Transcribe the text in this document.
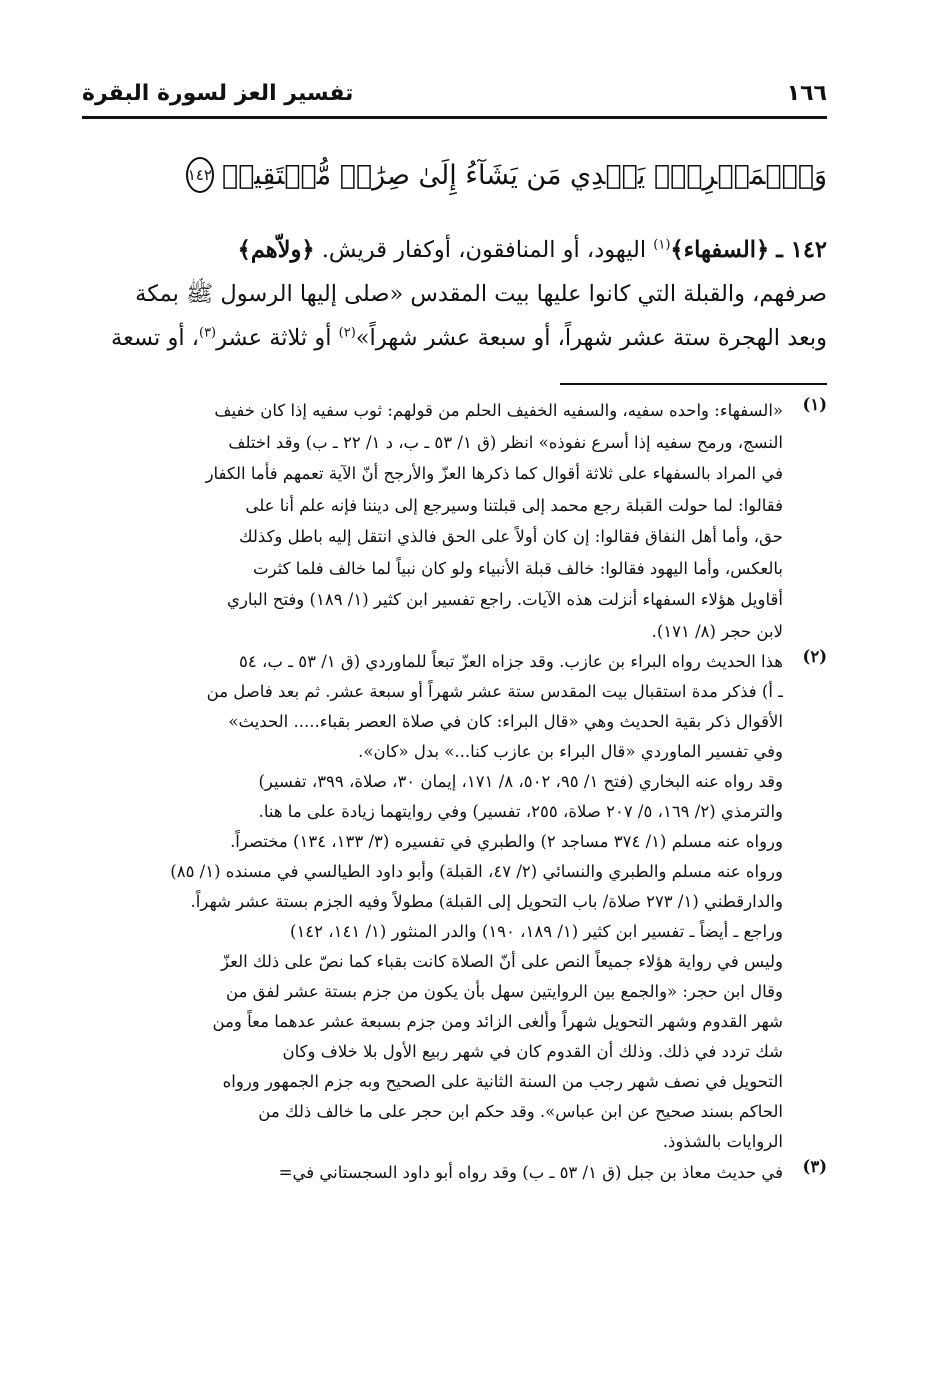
١٦٦
تفسير العز لسورة البقرة
وَٱلۡمَغۡرِبُۚ يَهۡدِي مَن يَشَآءُ إِلَىٰ صِرَٰطٖ مُّسۡتَقِيمٖ
١٤٢
١٤٢ ـ ﴿السفهاء﴾$^{(١)}$ اليهود، أو المنافقون، أوكفار قريش. ﴿ولاّهم﴾
صرفهم، والقبلة التي كانوا عليها بيت المقدس «صلى إليها الرسول ﷺ بمكة
وبعد الهجرة ستة عشر شهراً، أو سبعة عشر شهراً»$^{(٢)}$ أو ثلاثة عشر$^{(٣)}$، أو تسعة
(١)
«السفهاء: واحده سفيه، والسفيه الخفيف الحلم من قولهم: ثوب سفيه إذا كان خفيف
النسج، ورمح سفيه إذا أسرع نفوذه» انظر (ق ١/ ٥٣ ـ ب، د ١/ ٢٢ ـ ب) وقد اختلف
في المراد بالسفهاء على ثلاثة أقوال كما ذكرها العزّ والأرجح أنّ الآية تعمهم فأما الكفار
فقالوا: لما حولت القبلة رجع محمد إلى قبلتنا وسيرجع إلى ديننا فإنه علم أنا على
حق، وأما أهل النفاق فقالوا: إن كان أولاً على الحق فالذي انتقل إليه باطل وكذلك
بالعكس، وأما اليهود فقالوا: خالف قبلة الأنبياء ولو كان نبياً لما خالف فلما كثرت
أقاويل هؤلاء السفهاء أنزلت هذه الآيات. راجع تفسير ابن كثير (١/ ١٨٩) وفتح الباري
لابن حجر (٨/ ١٧١).
(٢)
هذا الحديث رواه البراء بن عازب. وقد جزاه العزّ تبعاً للماوردي (ق ١/ ٥٣ ـ ب، ٥٤
ـ أ) فذكر مدة استقبال بيت المقدس ستة عشر شهراً أو سبعة عشر. ثم بعد فاصل من
الأقوال ذكر بقية الحديث وهي «قال البراء: كان في صلاة العصر بقباء..... الحديث»
وفي تفسير الماوردي «قال البراء بن عازب كنا...» بدل «كان».
وقد رواه عنه البخاري (فتح ١/ ٩٥، ٥٠٢، ٨/ ١٧١، إيمان ٣٠، صلاة، ٣٩٩، تفسير)
والترمذي (٢/ ١٦٩، ٥/ ٢٠٧ صلاة، ٢٥٥، تفسير) وفي روايتهما زيادة على ما هنا.
ورواه عنه مسلم (١/ ٣٧٤ مساجد ٢) والطبري في تفسيره (٣/ ١٣٣، ١٣٤) مختصراً.
ورواه عنه مسلم والطبري والنسائي (٢/ ٤٧، القبلة) وأبو داود الطيالسي في مسنده (١/ ٨٥)
والدارقطني (١/ ٢٧٣ صلاة/ باب التحويل إلى القبلة) مطولاً وفيه الجزم بستة عشر شهراً.
وراجع ـ أيضاً ـ تفسير ابن كثير (١/ ١٨٩، ١٩٠) والدر المنثور (١/ ١٤١، ١٤٢)
وليس في رواية هؤلاء جميعاً النص على أنّ الصلاة كانت بقباء كما نصّ على ذلك العزّ
وقال ابن حجر: «والجمع بين الروايتين سهل بأن يكون من جزم بستة عشر لفق من
شهر القدوم وشهر التحويل شهراً وألغى الزائد ومن جزم بسبعة عشر عدهما معاً ومن
شك تردد في ذلك. وذلك أن القدوم كان في شهر ربيع الأول بلا خلاف وكان
التحويل في نصف شهر رجب من السنة الثانية على الصحيح وبه جزم الجمهور ورواه
الحاكم بسند صحيح عن ابن عباس». وقد حكم ابن حجر على ما خالف ذلك من
الروايات بالشذوذ.
(٣)
في حديث معاذ بن جبل (ق ١/ ٥٣ ـ ب) وقد رواه أبو داود السجستاني في=
